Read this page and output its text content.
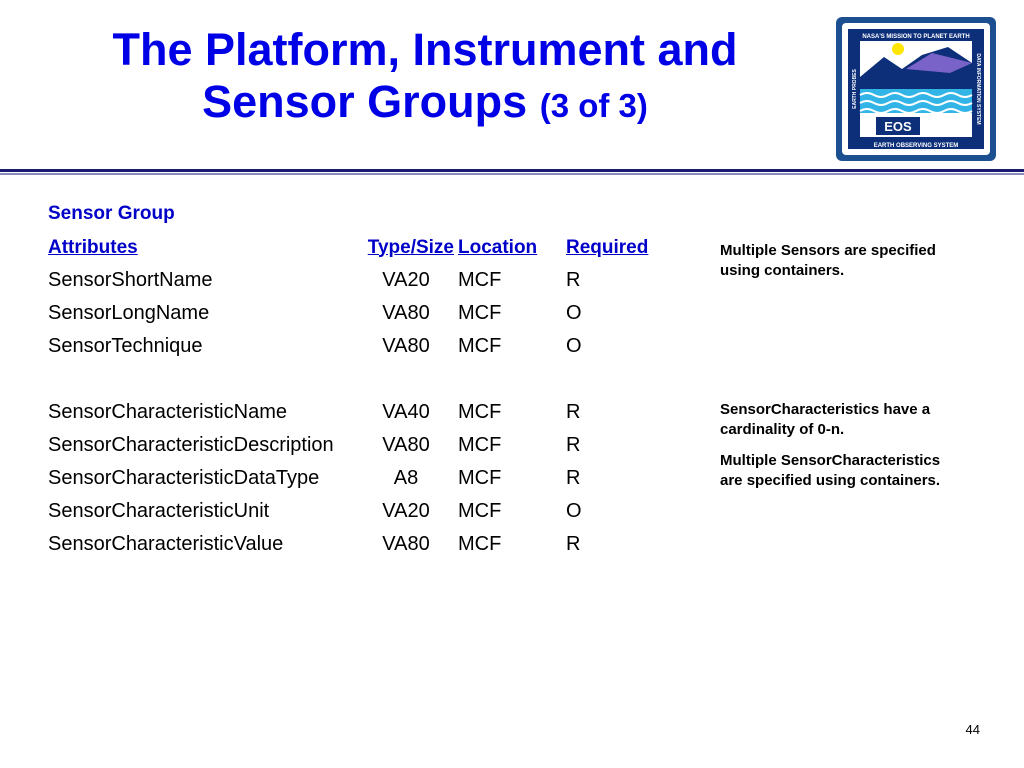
The Platform, Instrument and Sensor Groups (3 of 3)
EOS
NASA'S MISSION TO PLANET EARTH
EARTH OBSERVING SYSTEM
EARTH PROBES	DATA INFORMATION SYSTEM

Sensor Group

Attributes	Type/Size	Location	Required
SensorShortName	VA20	MCF	R
SensorLongName	VA80	MCF	O
SensorTechnique	VA80	MCF	O

SensorCharacteristicName	VA40	MCF	R
SensorCharacteristicDescription	VA80	MCF	R
SensorCharacteristicDataType	A8	MCF	R
SensorCharacteristicUnit	VA20	MCF	O
SensorCharacteristicValue	VA80	MCF	R

Multiple Sensors are specified using containers.

SensorCharacteristics have a cardinality of 0-n.

Multiple SensorCharacteristics are specified using containers.

44
